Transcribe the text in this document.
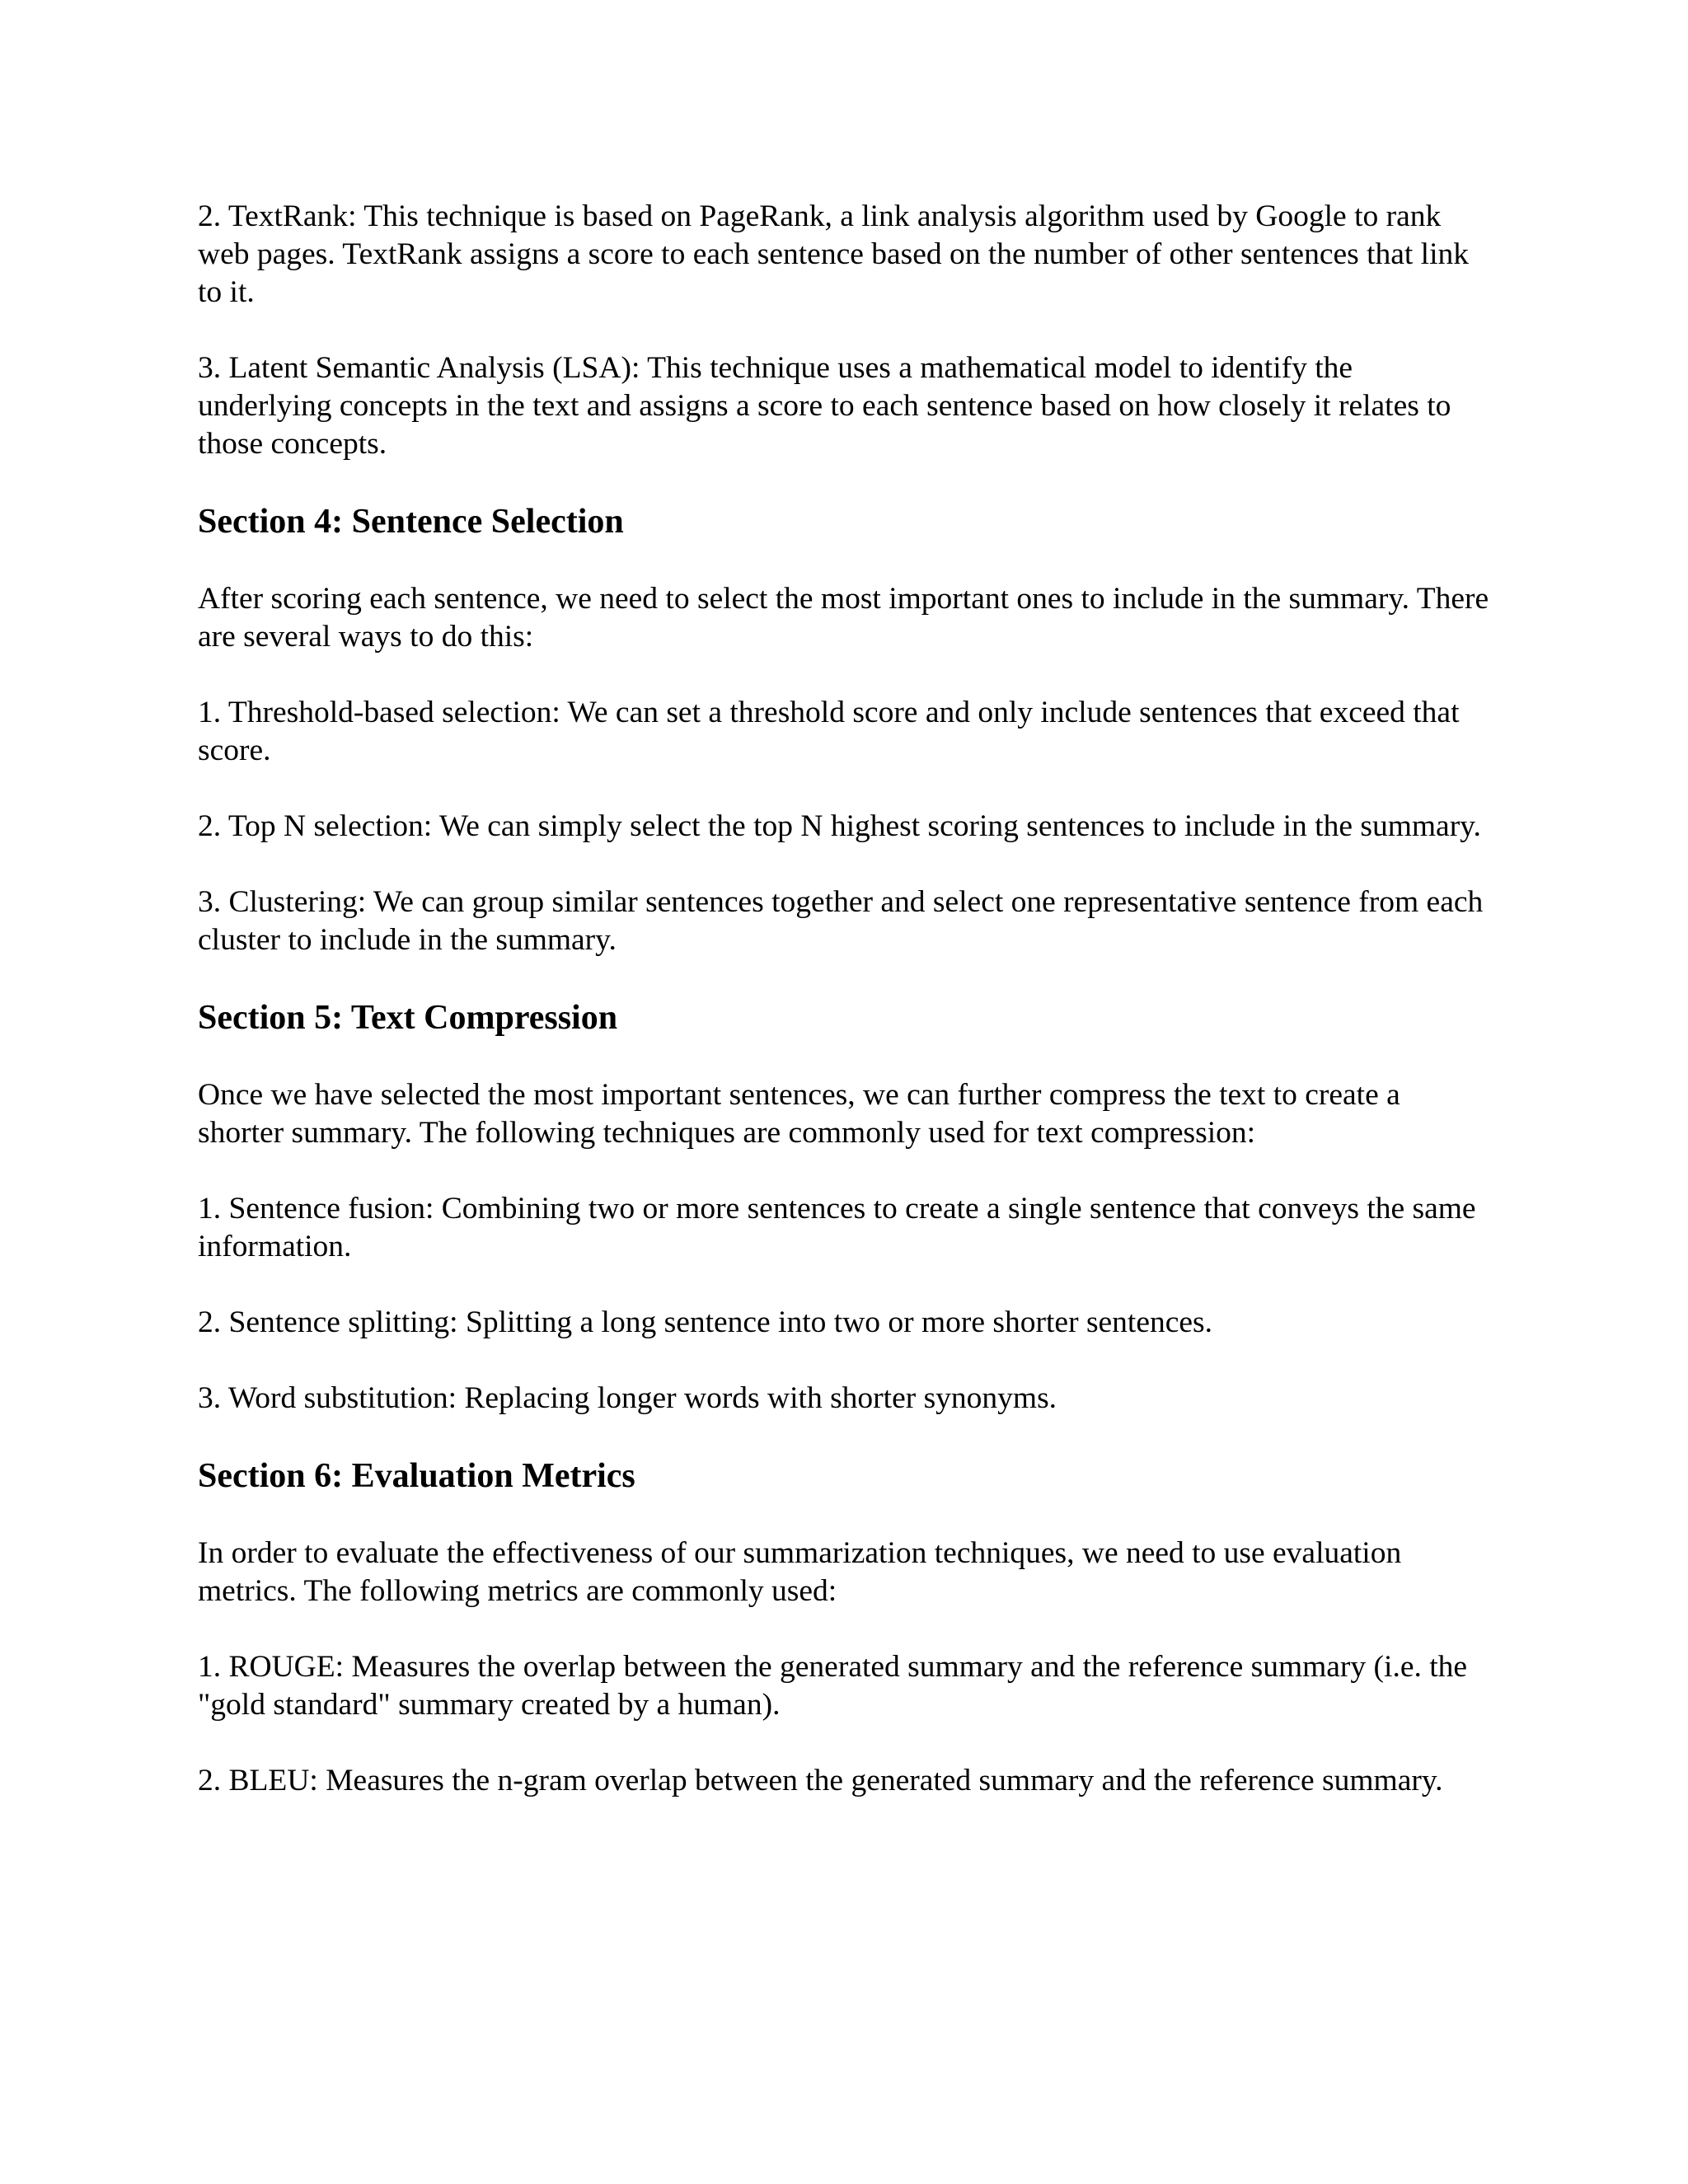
2. TextRank: This technique is based on PageRank, a link analysis algorithm used by Google to rank web pages. TextRank assigns a score to each sentence based on the number of other sentences that link to it.

3. Latent Semantic Analysis (LSA): This technique uses a mathematical model to identify the underlying concepts in the text and assigns a score to each sentence based on how closely it relates to those concepts.

Section 4: Sentence Selection

After scoring each sentence, we need to select the most important ones to include in the summary. There are several ways to do this:

1. Threshold-based selection: We can set a threshold score and only include sentences that exceed that score.

2. Top N selection: We can simply select the top N highest scoring sentences to include in the summary.

3. Clustering: We can group similar sentences together and select one representative sentence from each cluster to include in the summary.

Section 5: Text Compression

Once we have selected the most important sentences, we can further compress the text to create a shorter summary. The following techniques are commonly used for text compression:

1. Sentence fusion: Combining two or more sentences to create a single sentence that conveys the same information.

2. Sentence splitting: Splitting a long sentence into two or more shorter sentences.

3. Word substitution: Replacing longer words with shorter synonyms.

Section 6: Evaluation Metrics

In order to evaluate the effectiveness of our summarization techniques, we need to use evaluation metrics. The following metrics are commonly used:

1. ROUGE: Measures the overlap between the generated summary and the reference summary (i.e. the "gold standard" summary created by a human).

2. BLEU: Measures the n-gram overlap between the generated summary and the reference summary.
